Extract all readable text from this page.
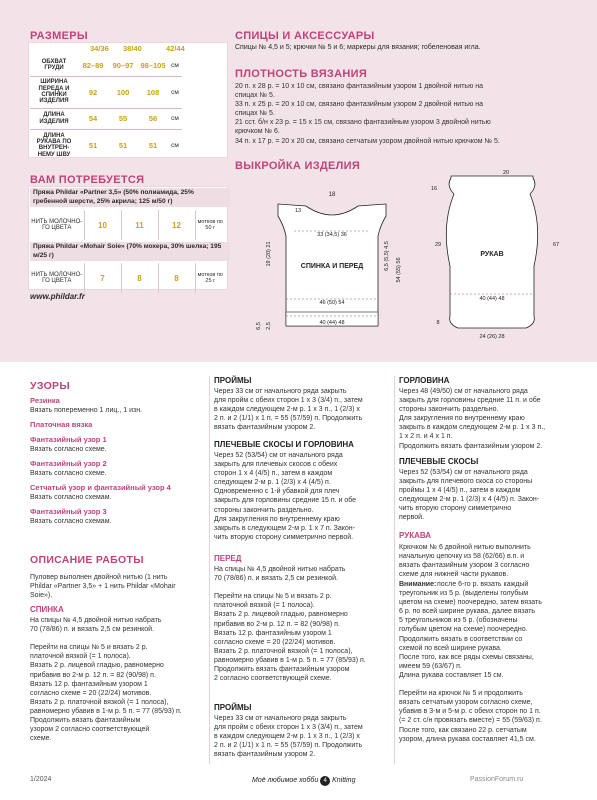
РАЗМЕРЫ
34/36 38/40	42/44
ОБХВАТ ГРУДИ	82–89	90–97	98–105	см
ШИРИНА ПЕРЕДА И СПИНКИ ИЗДЕЛИЯ	92	100	108	см
ДЛИНА ИЗДЕЛИЯ	54	55	56	см
ДЛИНА РУКАВА ПО ВНУТРЕН- НЕМУ ШВУ	51	51	51	см
ВАМ ПОТРЕБУЕТСЯ
Пряжа Phildar «Partner 3,5» (50% полиамида, 25% гребенной шерсти, 25% акрила; 125 м/50 г)
НИТЬ МОЛОЧНО-ГО ЦВЕТА	10	11	12	мотков по 50 г
Пряжа Phildar «Mohair Soie» (70% мохера, 30% шелка; 195 м/25 г)
НИТЬ МОЛОЧНО-ГО ЦВЕТА	7	8	8	мотков по 25 г
www.phildar.fr
СПИЦЫ И АКСЕССУАРЫ
Спицы № 4,5 и 5; крючки № 5 и 6; маркеры для вязания; гобеленовая игла.
ПЛОТНОСТЬ ВЯЗАНИЯ
20 п. х 28 р. = 10 х 10 см, связано фантазийным узором 1 двойной нитью на
спицах № 5.
33 п. х 25 р. = 20 х 10 см, связано фантазийным узором 2 двойной нитью на
спицах № 5.
21 сст. б/н х 23 р. = 15 х 15 см, связано фантазийным узором 3 двойной нитью
крючком № 6.
34 п. х 17 р. = 20 х 20 см, связано сетчатым узором двойной нитью крючком № 5.
ВЫКРОЙКА ИЗДЕЛИЯ
СПИНКА И ПЕРЕД
18
13
33 (34,5) 36
46 (50) 54
40 (44) 48
19 (20) 21	6,5 (5,5) 4,5 54 (55) 56
2,5
6,5
РУКАВ
20
16
29	67
40 (44) 48
24 (26) 28
8
УЗОРЫ
Резинка
Вязать попеременно 1 лиц., 1 изн.
Платочная вязка
Фантазийный узор 1
Вязать согласно схеме.
Фантазийный узор 2
Вязать согласно схеме.
Сетчатый узор и фантазийный узор 4
Вязать согласно схемам.
Фантазийный узор 3
Вязать согласно схемам.
ОПИСАНИЕ РАБОТЫ
Пуловер выполнен двойной нитью (1 нить
Phildar «Partner 3,5» + 1 нить Phildar «Mohair
Soie»).
СПИНКА
На спицы № 4,5 двойной нитью набрать
70 (78/86) п. и вязать 2,5 см резинкой.
Перейти на спицы № 5 и вязать 2 р.
платочной вязкой (= 1 полоса).
Вязать 2 р. лицевой гладью, равномерно
прибавив во 2-м р. 12 п. = 82 (90/98) п.
Вязать 12 р. фантазийным узором 1
согласно схеме = 20 (22/24) мотивов.
Вязать 2 р. платочной вязкой (= 1 полоса),
равномерно убавив в 1-м р. 5 п. = 77 (85/93) п.
Продолжить вязать фантазийным
узором 2 согласно соответствующей
схеме.
ПРОЙМЫ
Через 33 см от начального ряда закрыть
для пройм с обеих сторон 1 х 3 (3/4) п., затем
в каждом следующем 2-м р. 1 х 3 п., 1 (2/3) х
2 п. и 2 (1/1) х 1 п. = 55 (57/59) п. Продолжить
вязать фантазийным узором 2.
ПЛЕЧЕВЫЕ СКОСЫ И ГОРЛОВИНА
Через 52 (53/54) см от начального ряда
закрыть для плечевых скосов с обеих
сторон 1 х 4 (4/5) п., затем в каждом
следующем 2-м р. 1 (2/3) х 4 (4/5) п.
Одновременно с 1-й убавкой для плеч
закрыть для горловины средние 15 п. и обе
стороны закончить раздельно.
Для закругления по внутреннему краю
закрыть в следующем 2-м р. 1 х 7 п. Закон-
чить вторую сторону симметрично первой.
ПЕРЕД
На спицы № 4,5 двойной нитью набрать
70 (78/86) п. и вязать 2,5 см резинкой.
Перейти на спицы № 5 и вязать 2 р.
платочной вязкой (= 1 полоса).
Вязать 2 р. лицевой гладью, равномерно
прибавив во 2-м р. 12 п. = 82 (90/98) п.
Вязать 12 р. фантазийным узором 1
согласно схеме = 20 (22/24) мотивов.
Вязать 2 р. платочной вязкой (= 1 полоса),
равномерно убавив в 1-м р. 5 п. = 77 (85/93) п.
Продолжить вязать фантазийным узором
2 согласно соответствующей схеме.
ПРОЙМЫ
Через 33 см от начального ряда закрыть
для пройм с обеих сторон 1 х 3 (3/4) п., затем
в каждом следующем 2-м р. 1 х 3 п., 1 (2/3) х
2 п. и 2 (1/1) х 1 п. = 55 (57/59) п. Продолжить
вязать фантазийным узором 2.
ГОРЛОВИНА
Через 48 (49/50) см от начального ряда
закрыть для горловины средние 11 п. и обе
стороны закончить раздельно.
Для закругления по внутреннему краю
закрыть в каждом следующем 2-м р. 1 х 3 п.,
1 х 2 п. и 4 х 1 п.
Продолжить вязать фантазийным узором 2.
ПЛЕЧЕВЫЕ СКОСЫ
Через 52 (53/54) см от начального ряда
закрыть для плечевого скоса со стороны
проймы 1 х 4 (4/5) п., затем в каждом
следующем 2-м р. 1 (2/3) х 4 (4/5) п. Закон-
чить вторую сторону симметрично
первой.
РУКАВА
Крючком № 6 двойной нитью выполнить
начальную цепочку из 58 (62/66) в.п. и
вязать фантазийным узором 3 согласно
схеме для нижней части рукавов.
Внимание: после 6-го р. вязать каждый
треугольник из 5 р. (выделены голубым
цветом на схеме) поочередно, затем вязать
6 р. по всей ширине рукава, далее вязать
5 треугольников из 5 р. (обозначены
голубым цветом на схеме) поочередно.
Продолжить вязать в соответствии со
схемой по всей ширине рукава.
После того, как все ряды схемы связаны,
имеем 59 (63/67) п.
Длина рукава составляет 15 см.
Перейти на крючок № 5 и продолжить
вязать сетчатым узором согласно схеме,
убавив в 3-м и 5-м р. с обеих сторон по 1 п.
(= 2 ст. с/н провязать вместе) = 55 (59/63) п.
После того, как связано 22 р. сетчатым
узором, длина рукава составляет 41,5 см.
1/2024	Моё любимое хобби 4 Knitting	PassionForum.ru
